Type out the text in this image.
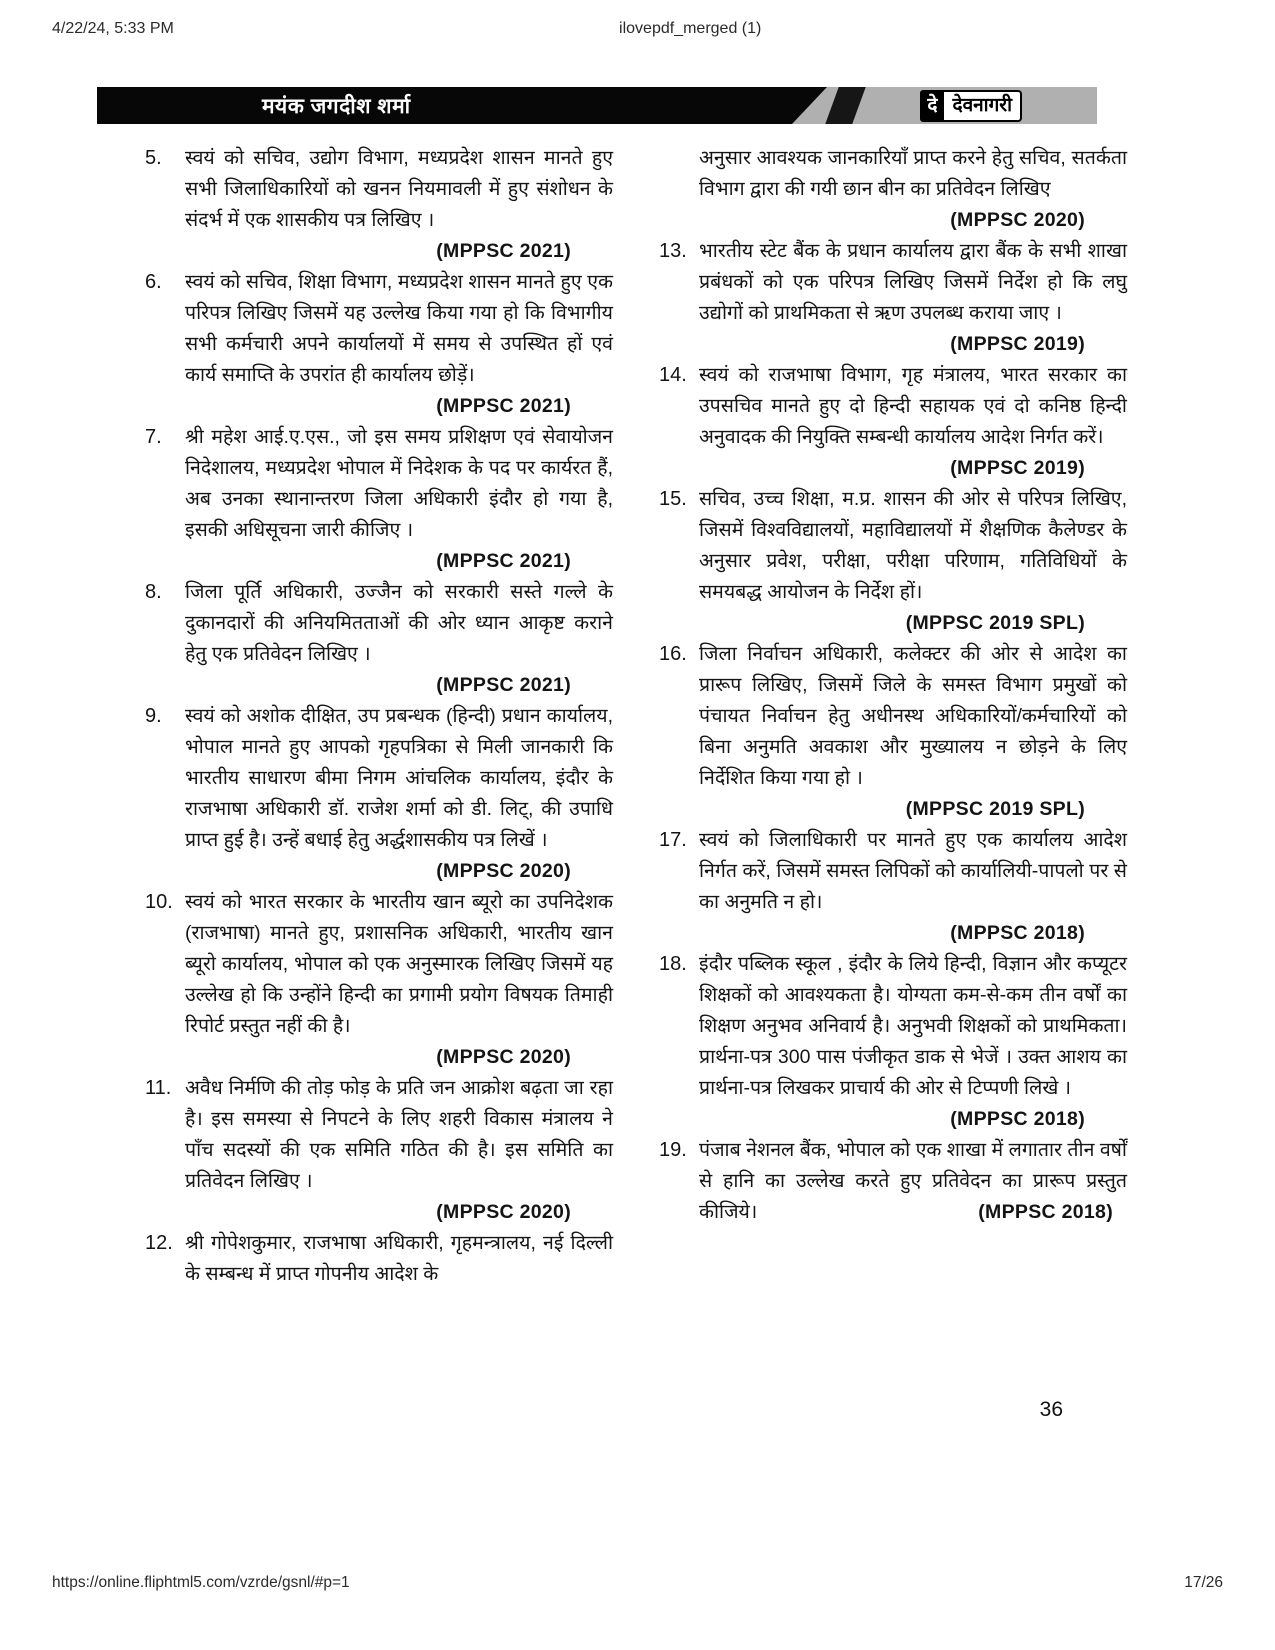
4/22/24, 5:33 PM	ilovepdf_merged (1)
मयंक जगदीश शर्मा	दे देवनागरी
5.	स्वयं को सचिव, उद्योग विभाग, मध्यप्रदेश शासन मानते हुए सभी जिलाधिकारियों को खनन नियमावली में हुए संशोधन के संदर्भ में एक शासकीय पत्र लिखिए ।

(MPPSC 2021)
6.	स्वयं को सचिव, शिक्षा विभाग, मध्यप्रदेश शासन मानते हुए एक परिपत्र लिखिए जिसमें यह उल्लेख किया गया हो कि विभागीय सभी कर्मचारी अपने कार्यालयों में समय से उपस्थित हों एवं कार्य समाप्ति के उपरांत ही कार्यालय छोड़ें।

(MPPSC 2021)
7.	श्री महेश आई.ए.एस., जो इस समय प्रशिक्षण एवं सेवायोजन निदेशालय, मध्यप्रदेश भोपाल में निदेशक के पद पर कार्यरत हैं, अब उनका स्थानान्तरण जिला अधिकारी इंदौर हो गया है, इसकी अधिसूचना जारी कीजिए ।

(MPPSC 2021)
8.	जिला पूर्ति अधिकारी, उज्जैन को सरकारी सस्ते गल्ले के दुकानदारों की अनियमितताओं की ओर ध्यान आकृष्ट कराने हेतु एक प्रतिवेदन लिखिए ।

(MPPSC 2021)
9.	स्वयं को अशोक दीक्षित, उप प्रबन्धक (हिन्दी) प्रधान कार्यालय, भोपाल मानते हुए आपको गृहपत्रिका से मिली जानकारी कि भारतीय साधारण बीमा निगम आंचलिक कार्यालय, इंदौर के राजभाषा अधिकारी डॉ. राजेश शर्मा को डी. लिट्, की उपाधि प्राप्त हुई है। उन्हें बधाई हेतु अर्द्धशासकीय पत्र लिखें ।

(MPPSC 2020)
10. स्वयं को भारत सरकार के भारतीय खान ब्यूरो का उपनिदेशक (राजभाषा) मानते हुए, प्रशासनिक अधिकारी, भारतीय खान ब्यूरो कार्यालय, भोपाल को एक अनुस्मारक लिखिए जिसमें यह उल्लेख हो कि उन्होंने हिन्दी का प्रगामी प्रयोग विषयक तिमाही रिपोर्ट प्रस्तुत नहीं की है।

(MPPSC 2020)
11. अवैध निर्मणि की तोड़ फोड़ के प्रति जन आक्रोश बढ़ता जा रहा है। इस समस्या से निपटने के लिए शहरी विकास मंत्रालय ने पाँच सदस्यों की एक समिति गठित की है। इस समिति का प्रतिवेदन लिखिए ।

(MPPSC 2020)
12. श्री गोपेशकुमार, राजभाषा अधिकारी, गृहमन्त्रालय, नई दिल्ली के सम्बन्ध में प्राप्त गोपनीय आदेश के

अनुसार आवश्यक जानकारियाँ प्राप्त करने हेतु सचिव, सतर्कता विभाग द्वारा की गयी छान बीन का प्रतिवेदन लिखिए

(MPPSC 2020)
13. भारतीय स्टेट बैंक के प्रधान कार्यालय द्वारा बैंक के सभी शाखा प्रबंधकों को एक परिपत्र लिखिए जिसमें निर्देश हो कि लघु उद्योगों को प्राथमिकता से ऋण उपलब्ध कराया जाए ।

(MPPSC 2019)
14. स्वयं को राजभाषा विभाग, गृह मंत्रालय, भारत सरकार का उपसचिव मानते हुए दो हिन्दी सहायक एवं दो कनिष्ठ हिन्दी अनुवादक की नियुक्ति सम्बन्धी कार्यालय आदेश निर्गत करें।

(MPPSC 2019)
15. सचिव, उच्च शिक्षा, म.प्र. शासन की ओर से परिपत्र लिखिए, जिसमें विश्वविद्यालयों, महाविद्यालयों में शैक्षणिक कैलेण्डर के अनुसार प्रवेश, परीक्षा, परीक्षा परिणाम, गतिविधियों के समयबद्ध आयोजन के निर्देश हों।

(MPPSC 2019 SPL)
16. जिला निर्वाचन अधिकारी, कलेक्टर की ओर से आदेश का प्रारूप लिखिए, जिसमें जिले के समस्त विभाग प्रमुखों को पंचायत निर्वाचन हेतु अधीनस्थ अधिकारियों/कर्मचारियों को बिना अनुमति अवकाश और मुख्यालय न छोड़ने के लिए निर्देशित किया गया हो ।

(MPPSC 2019 SPL)
17. स्वयं को जिलाधिकारी पर मानते हुए एक कार्यालय आदेश निर्गत करें, जिसमें समस्त लिपिकों को कार्यालियी-पापलो पर से का अनुमति न हो।

(MPPSC 2018)
18. इंदौर पब्लिक स्कूल , इंदौर के लिये हिन्दी, विज्ञान और कप्यूटर शिक्षकों को आवश्यकता है। योग्यता कम-से-कम तीन वर्षों का शिक्षण अनुभव अनिवार्य है। अनुभवी शिक्षकों को प्राथमिकता। प्रार्थना-पत्र 300 पास पंजीकृत डाक से भेजें । उक्त आशय का प्रार्थना-पत्र लिखकर प्राचार्य की ओर से टिप्पणी लिखे ।

(MPPSC 2018)
19. पंजाब नेशनल बैंक, भोपाल को एक शाखा में लगातार तीन वर्षों से हानि का उल्लेख करते हुए प्रतिवेदन का प्रारूप प्रस्तुत कीजिये।	(MPPSC 2018)
36
https://online.fliphtml5.com/vzrde/gsnl/#p=1	17/26
